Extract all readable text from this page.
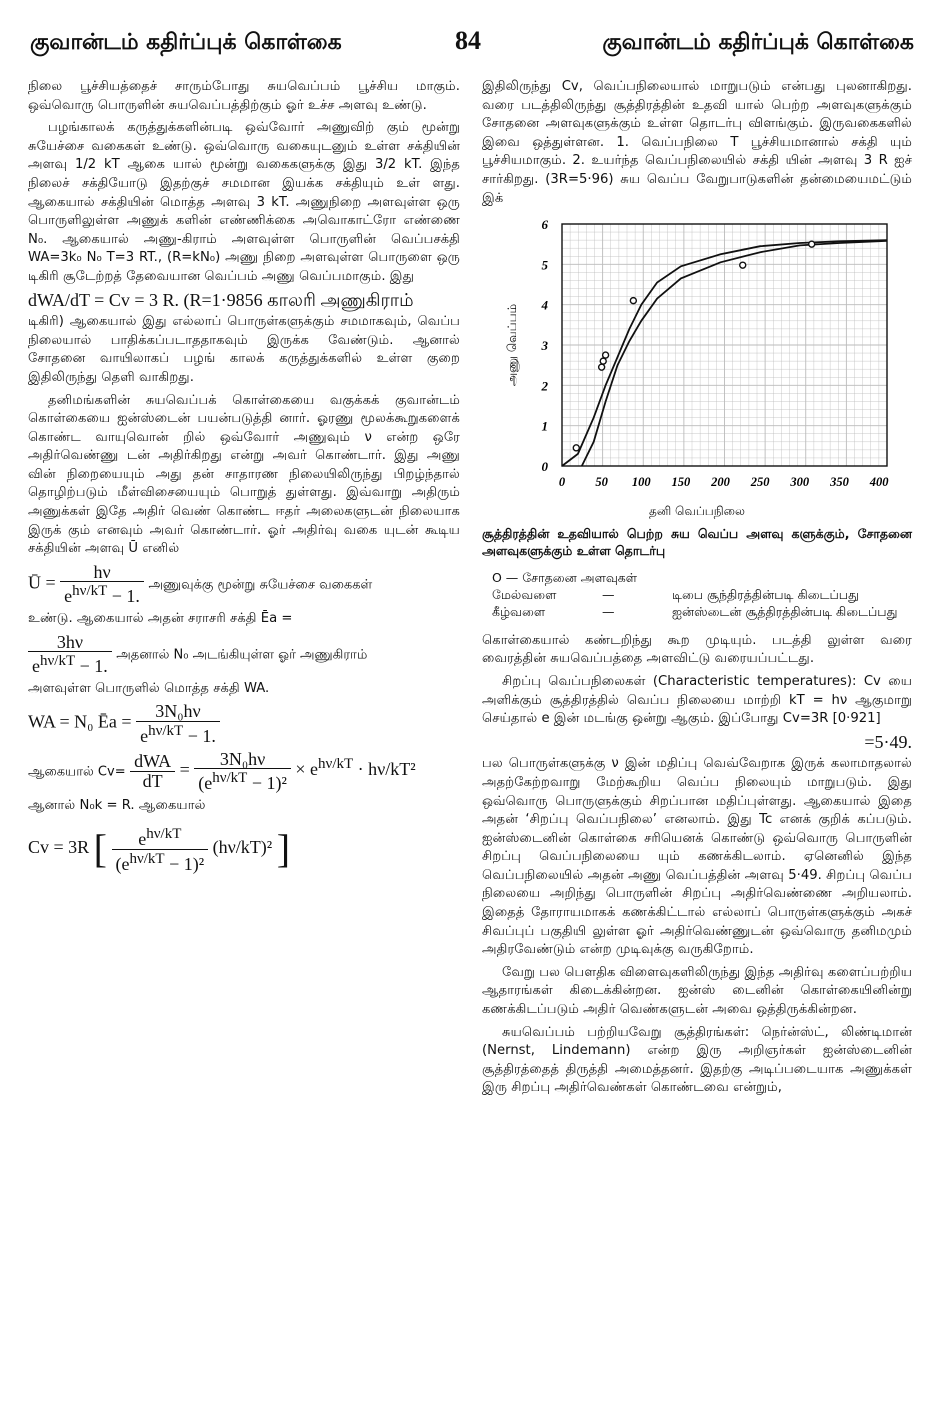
குவான்டம் கதிர்ப்புக் கொள்கை	84	குவான்டம் கதிர்ப்புக் கொள்கை

நிலை பூச்சியத்தைச் சாரும்போது சுயவெப்பம் பூச்சிய மாகும். ஒவ்வொரு பொருளின் சுயவெப்பத்திற்கும் ஓர் உச்ச அளவு உண்டு.

பழங்காலக் கருத்துக்களின்படி ஒவ்வோர் அணுவிற் கும் மூன்று சுயேச்சை வகைகள் உண்டு. ஒவ்வொரு வகையுடனும் உள்ள சக்தியின் அளவு 1/2 kT ஆகை யால் மூன்று வகைகளுக்கு இது 3/2 kT. இந்த நிலைச் சக்தியோடு இதற்குச் சமமான இயக்க சக்தியும் உள் ளது. ஆகையால் சக்தியின் மொத்த அளவு 3 kT. அணுநிறை அளவுள்ள ஒரு பொருளிலுள்ள அணுக் களின் எண்ணிக்கை அவொகாட்ரோ எண்ணை N₀. ஆகையால் அணு-கிராம் அளவுள்ள பொருளின் வெப்பசக்தி WA=3k₀ N₀ T=3 RT., (R=kN₀) அணு நிறை அளவுள்ள பொருளை ஒரு டிகிரி சூடேற்றத் தேவையான வெப்பம் அணு வெப்பமாகும். இது

dWA/dT = Cv = 3 R. (R=1·9856 காலரி அணுகிராம்

டிகிரி) ஆகையால் இது எல்லாப் பொருள்களுக்கும் சமமாகவும், வெப்ப நிலையால் பாதிக்கப்படாததாகவும் இருக்க வேண்டும். ஆனால் சோதனை வாயிலாகப் பழங் காலக் கருத்துக்களில் உள்ள குறை இதிலிருந்து தெளி வாகிறது.

தனிமங்களின் சுயவெப்பக் கொள்கையை வகுக்கக் குவான்டம் கொள்கையை ஐன்ஸ்டைன் பயன்படுத்தி னார். ஓரணு மூலக்கூறுகளைக் கொண்ட வாயுவொன் றில் ஒவ்வோர் அணுவும் ν என்ற ஒரே அதிர்வெண்ணு டன் அதிர்கிறது என்று அவர் கொண்டார். இது அணு வின் நிறையையும் அது தன் சாதாரண நிலையிலிருந்து பிறழ்ந்தால் தொழிற்படும் மீள்விசையையும் பொறுத் துள்ளது. இவ்வாறு அதிரும் அணுக்கள் இதே அதிர் வெண் கொண்ட ஈதர் அலைகளுடன் நிலையாக இருக் கும் எனவும் அவர் கொண்டார். ஓர் அதிர்வு வகை யுடன் கூடிய சக்தியின் அளவு Ū எனில்

Ū = $\frac{h\nu}{e^{h\nu/kT} - 1.}$ அணுவுக்கு மூன்று சுயேச்சை வகைகள்

உண்டு. ஆகையால் அதன் சராசரி சக்தி Ēa =

$\frac{3h\nu}{e^{h\nu/kT} - 1.}$ அதனால் N₀ அடங்கியுள்ள ஓர் அணுகிராம்

அளவுள்ள பொருளில் மொத்த சக்தி WA.

WA = N₀ Ēa = $\frac{\text{3N₀hν}}{e^{h\nu/kT} - 1.}$
ஆகையால் $Cv= \frac{\text{dWA}}{dT} = \frac{\text{3N₀hν}}{(e^{h\nu/kT} - 1)^2} \times e^{h\nu/kT} \cdot h\nu/kT^2$

ஆனால் N₀k = R. ஆகையால்

Cv = 3R [ $\frac{e^{h\nu/kT}}{(e^{h\nu/kT} - 1)^2} (h\nu/kT)^2$ ]

இதிலிருந்து Cv, வெப்பநிலையால் மாறுபடும் என்பது புலனாகிறது. வரை படத்திலிருந்து சூத்திரத்தின் உதவி யால் பெற்ற அளவுகளுக்கும் சோதனை அளவுகளுக்கும் உள்ள தொடர்பு விளங்கும். இருவகைகளில் இவை ஒத்துள்ளன. 1. வெப்பநிலை T பூச்சியமானால் சக்தி யும் பூச்சியமாகும். 2. உயர்ந்த வெப்பநிலையில் சக்தி யின் அளவு 3 R ஐச் சார்கிறது. (3R=5·96) சுய வெப்ப வேறுபாடுகளின் தன்மையைமட்டும் இக்

0
1
2
3
4
5
6
0 50 100 150 200 250 300 350 400
அணு வெப்பம்
தனி வெப்பநிலை
சூத்திரத்தின் உதவியால் பெற்ற சுய வெப்ப அளவு களுக்கும், சோதனை அளவுகளுக்கும் உள்ள தொடர்பு
O — சோதனை அளவுகள்
மேல்வளை	—	டிபை சூந்திரத்தின்படி கிடைப்பது
கீழ்வளை	—	ஐன்ஸ்டைன் சூத்திரத்தின்படி கிடைப்பது

கொள்கையால் கண்டறிந்து கூற முடியும். படத்தி லுள்ள வரை வைரத்தின் சுயவெப்பத்தை அளவிட்டு வரையப்பட்டது.

சிறப்பு வெப்பநிலைகள் (Characteristic temperatures): Cv யை அளிக்கும் சூத்திரத்தில் வெப்ப நிலையை மாற்றி kT = hν ஆகுமாறு செய்தால் e இன் மடங்கு ஒன்று ஆகும். இப்போது Cv=3R [0·921]

=5·49.

பல பொருள்களுக்கு ν இன் மதிப்பு வெவ்வேறாக இருக் கலாமாதலால் அதற்கேற்றவாறு மேற்கூறிய வெப்ப நிலையும் மாறுபடும். இது ஒவ்வொரு பொருளுக்கும் சிறப்பான மதிப்புள்ளது. ஆகையால் இதை அதன் ‘சிறப்பு வெப்பநிலை’ எனலாம். இது Tc எனக் குறிக் கப்படும். ஐன்ஸ்டைனின் கொள்கை சரியெனக் கொண்டு ஒவ்வொரு பொருளின் சிறப்பு வெப்பநிலையை யும் கணக்கிடலாம். ஏனெனில் இந்த வெப்பநிலையில் அதன் அணு வெப்பத்தின் அளவு 5·49. சிறப்பு வெப்ப நிலையை அறிந்து பொருளின் சிறப்பு அதிர்வெண்ணை அறியலாம். இதைத் தோராயமாகக் கணக்கிட்டால் எல்லாப் பொருள்களுக்கும் அகச் சிவப்புப் பகுதியி லுள்ள ஓர் அதிர்வெண்ணுடன் ஒவ்வொரு தனிமமும் அதிரவேண்டும் என்ற முடிவுக்கு வருகிறோம்.

வேறு பல பௌதிக விளைவுகளிலிருந்து இந்த அதிர்வு களைப்பற்றிய ஆதாரங்கள் கிடைக்கின்றன. ஐன்ஸ் டைனின் கொள்கையினின்று கணக்கிடப்படும் அதிர் வெண்களுடன் அவை ஒத்திருக்கின்றன.

சுயவெப்பம் பற்றியவேறு சூத்திரங்கள்: நெர்ன்ஸ்ட், லிண்டிமான் (Nernst, Lindemann) என்ற இரு அறிஞர்கள் ஐன்ஸ்டைனின் சூத்திரத்தைத் திருத்தி அமைத்தனர். இதற்கு அடிப்படையாக அணுக்கள் இரு சிறப்பு அதிர்வெண்கள் கொண்டவை என்றும்,
